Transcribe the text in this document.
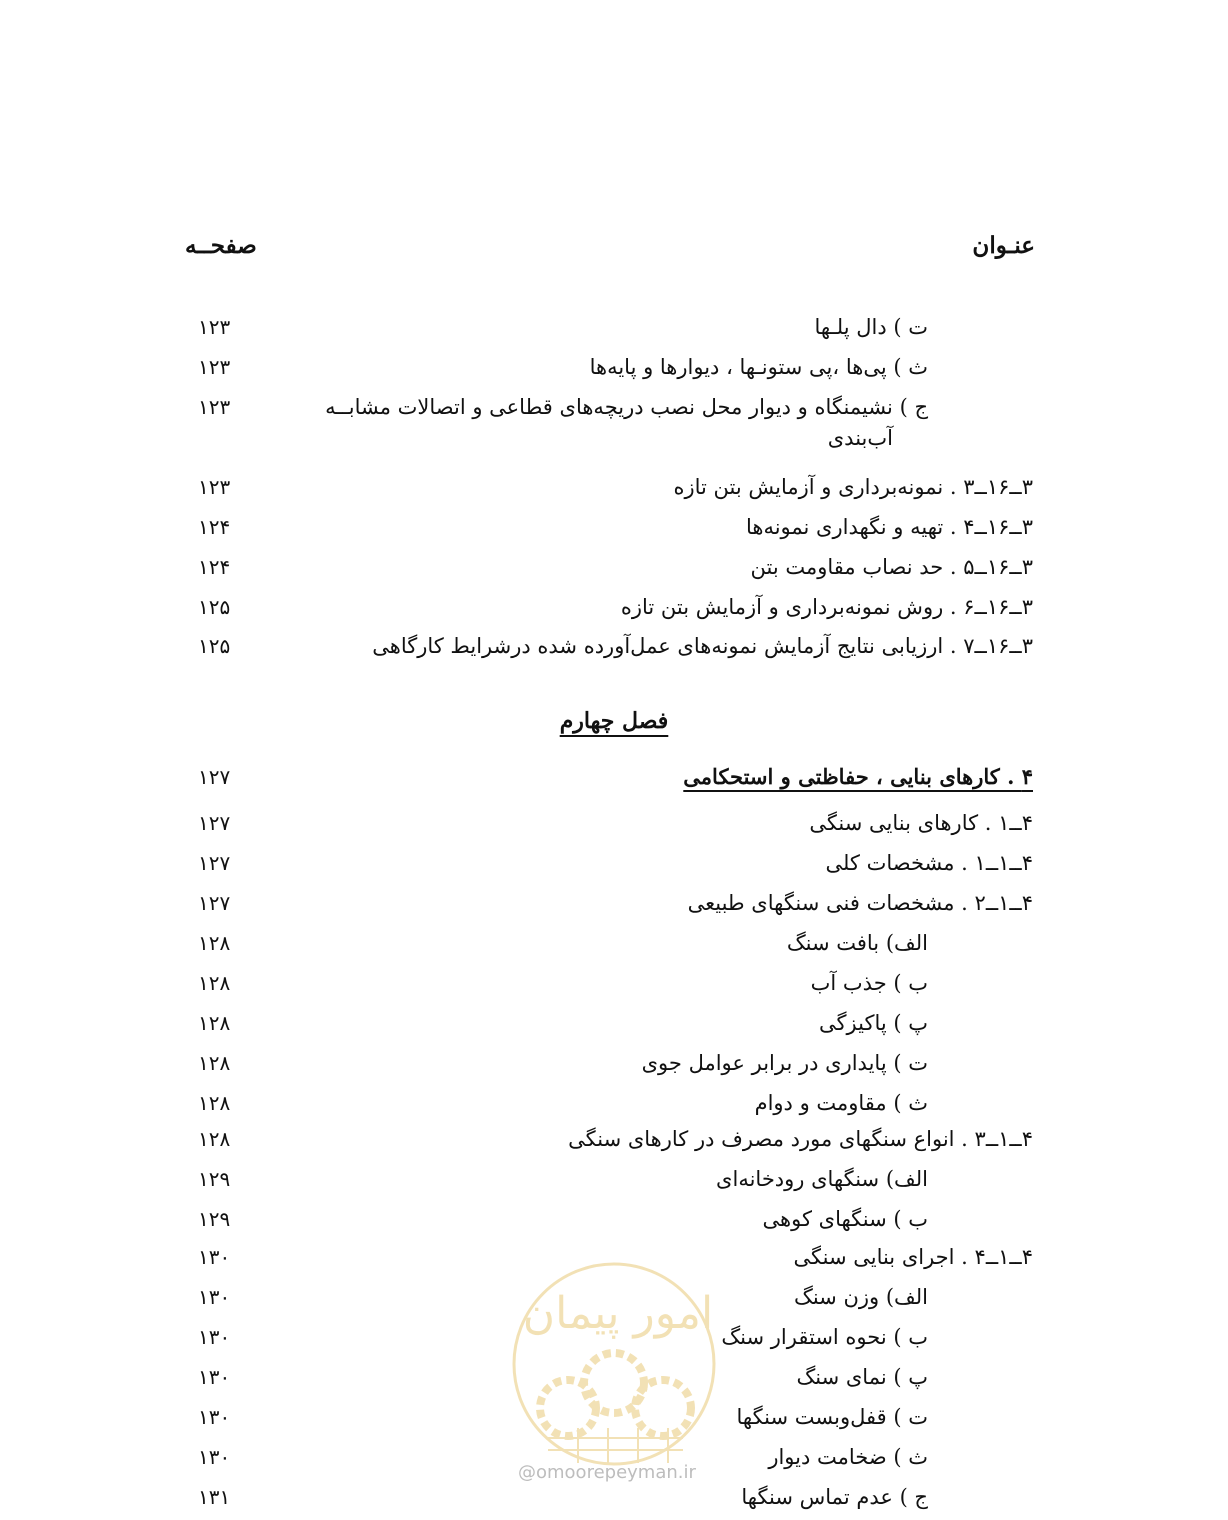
عنـوان
صفحــه
ت ) دال پلـها
۱۲۳
ث ) پی‌ها ،پی ستونـها ، دیوارها و پایه‌ها
۱۲۳
ج ) نشیمنگاه و دیوار محل نصب دریچه‌های قطاعی و اتصالات مشابــه
۱۲۳
آب‌بندی
۳ــ۱۶ــ۳ . نمونه‌برداری و آزمایش بتن تازه
۱۲۳
۳ــ۱۶ــ۴ . تهیه و نگهداری نمونه‌ها
۱۲۴
۳ــ۱۶ــ۵ . حد نصاب مقاومت بتن
۱۲۴
۳ــ۱۶ــ۶ . روش نمونه‌برداری و آزمایش بتن تازه
۱۲۵
۳ــ۱۶ــ۷ . ارزیابی نتایج آزمایش نمونه‌های عمل‌آورده شده درشرایط کارگاهی
۱۲۵
فصل چهارم
۴ . کارهای بنایی ، حفاظتی و استحکامی
۱۲۷
۴ــ۱ . کارهای بنایی سنگی
۱۲۷
۴ــ۱ــ۱ . مشخصات کلی
۱۲۷
۴ــ۱ــ۲ . مشخصات فنی سنگهای طبیعی
۱۲۷
الف) بافت سنگ
۱۲۸
ب ) جذب آب
۱۲۸
پ ) پاکیزگی
۱۲۸
ت ) پایداری در برابر عوامل جوی
۱۲۸
ث ) مقاومت و دوام
۱۲۸
۴ــ۱ــ۳ . انواع سنگهای مورد مصرف در کارهای سنگی
۱۲۸
الف) سنگهای رودخانه‌ای
۱۲۹
ب ) سنگهای کوهی
۱۲۹
۴ــ۱ــ۴ . اجرای بنایی سنگی
۱۳۰
الف) وزن سنگ
۱۳۰
ب ) نحوه استقرار سنگ
۱۳۰
پ ) نمای سنگ
۱۳۰
ت ) قفل‌وبست سنگها
۱۳۰
ث ) ضخامت دیوار
۱۳۰
ج ) عدم تماس سنگها
۱۳۱
امور پیمان
@omoorepeyman.ir
